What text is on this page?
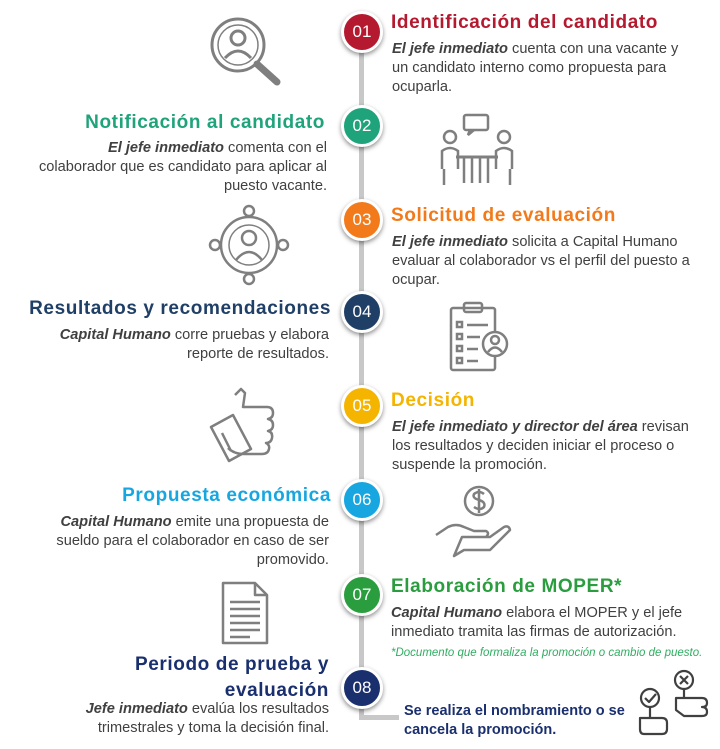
01	Identificación del candidato
El jefe inmediato cuenta con una vacante y un candidato interno como propuesta para ocuparla.
02
Notificación al candidato
El jefe inmediato comenta con el colaborador que es candidato para aplicar al puesto vacante.
03	Solicitud de evaluación
El jefe inmediato solicita a Capital Humano evaluar al colaborador vs el perfil del puesto a ocupar.
04
Resultados y recomendaciones
Capital Humano corre pruebas y elabora reporte de resultados.
05	Decisión
El jefe inmediato y director del área revisan los resultados y deciden iniciar el proceso o suspende la promoción.
06
Propuesta económica
Capital Humano emite una propuesta de sueldo para el colaborador en caso de ser promovido.
07	Elaboración de MOPER*
Capital Humano elabora el MOPER y el jefe inmediato tramita las firmas de autorización. *Documento que formaliza la promoción o cambio de puesto.
08
Periodo de prueba y evaluación
Jefe inmediato evalúa los resultados trimestrales y toma la decisión final.
Se realiza el nombramiento o se cancela la promoción.
